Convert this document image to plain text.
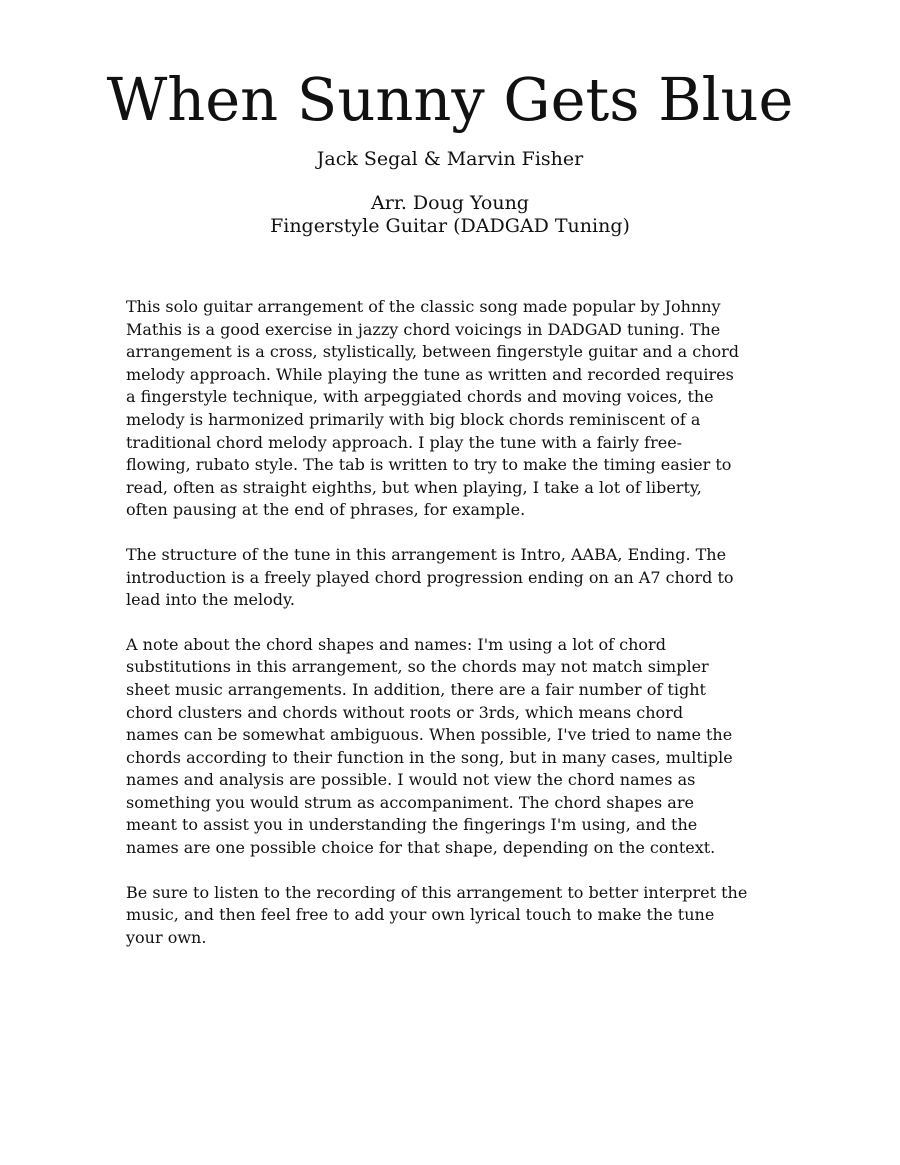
When Sunny Gets Blue

Jack Segal & Marvin Fisher

Arr. Doug Young

Fingerstyle Guitar (DADGAD Tuning)

This solo guitar arrangement of the classic song made popular by Johnny
Mathis is a good exercise in jazzy chord voicings in DADGAD tuning. The
arrangement is a cross, stylistically, between fingerstyle guitar and a chord
melody approach. While playing the tune as written and recorded requires
a fingerstyle technique, with arpeggiated chords and moving voices, the
melody is harmonized primarily with big block chords reminiscent of a
traditional chord melody approach. I play the tune with a fairly free-
flowing, rubato style. The tab is written to try to make the timing easier to
read, often as straight eighths, but when playing, I take a lot of liberty,
often pausing at the end of phrases, for example.

The structure of the tune in this arrangement is Intro, AABA, Ending. The
introduction is a freely played chord progression ending on an A7 chord to
lead into the melody.

A note about the chord shapes and names: I'm using a lot of chord
substitutions in this arrangement, so the chords may not match simpler
sheet music arrangements. In addition, there are a fair number of tight
chord clusters and chords without roots or 3rds, which means chord
names can be somewhat ambiguous. When possible, I've tried to name the
chords according to their function in the song, but in many cases, multiple
names and analysis are possible. I would not view the chord names as
something you would strum as accompaniment. The chord shapes are
meant to assist you in understanding the fingerings I'm using, and the
names are one possible choice for that shape, depending on the context.

Be sure to listen to the recording of this arrangement to better interpret the
music, and then feel free to add your own lyrical touch to make the tune
your own.
